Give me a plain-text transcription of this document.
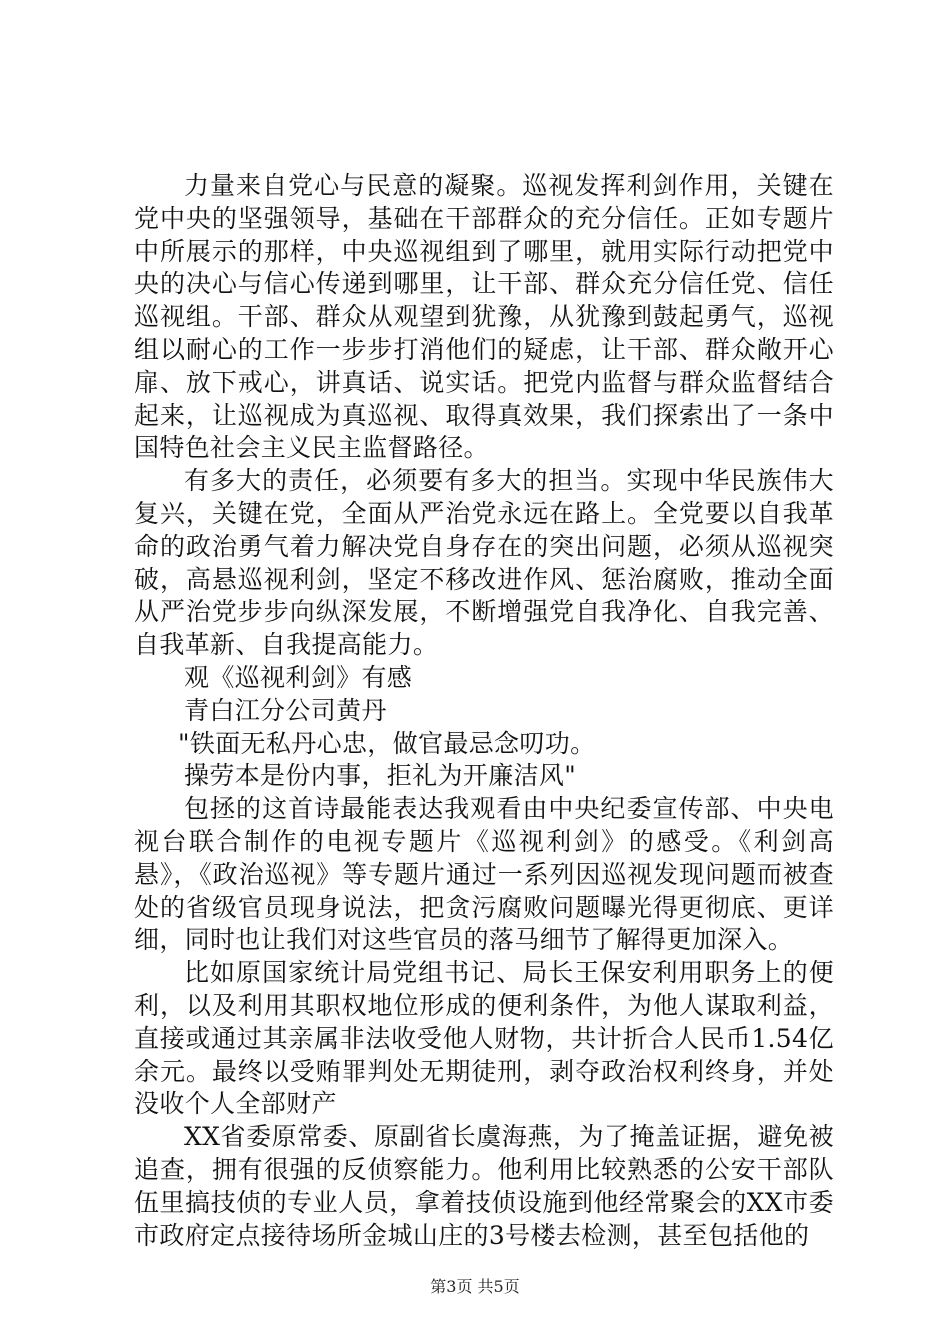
力量来自党心与民意的凝聚。巡视发挥利剑作用，关键在党中央的坚强领导，基础在干部群众的充分信任。正如专题片中所展示的那样，中央巡视组到了哪里，就用实际行动把党中央的决心与信心传递到哪里，让干部、群众充分信任党、信任巡视组。干部、群众从观望到犹豫，从犹豫到鼓起勇气，巡视组以耐心的工作一步步打消他们的疑虑，让干部、群众敞开心扉、放下戒心，讲真话、说实话。把党内监督与群众监督结合起来，让巡视成为真巡视、取得真效果，我们探索出了一条中国特色社会主义民主监督路径。

有多大的责任，必须要有多大的担当。实现中华民族伟大复兴，关键在党，全面从严治党永远在路上。全党要以自我革命的政治勇气着力解决党自身存在的突出问题，必须从巡视突破，高悬巡视利剑，坚定不移改进作风、惩治腐败，推动全面从严治党步步向纵深发展，不断增强党自我净化、自我完善、自我革新、自我提高能力。

观《巡视利剑》有感

青白江分公司黄丹

"铁面无私丹心忠，做官最忌念叨功。

操劳本是份内事，拒礼为开廉洁风"

包拯的这首诗最能表达我观看由中央纪委宣传部、中央电视台联合制作的电视专题片《巡视利剑》的感受。《利剑高悬》，《政治巡视》等专题片通过一系列因巡视发现问题而被查处的省级官员现身说法，把贪污腐败问题曝光得更彻底、更详细，同时也让我们对这些官员的落马细节了解得更加深入。

比如原国家统计局党组书记、局长王保安利用职务上的便利，以及利用其职权地位形成的便利条件，为他人谋取利益，直接或通过其亲属非法收受他人财物，共计折合人民币1.54亿余元。最终以受贿罪判处无期徒刑，剥夺政治权利终身，并处没收个人全部财产

XX省委原常委、原副省长虞海燕，为了掩盖证据，避免被追查，拥有很强的反侦察能力。他利用比较熟悉的公安干部队伍里搞技侦的专业人员，拿着技侦设施到他经常聚会的XX市委市政府定点接待场所金城山庄的3号楼去检测，甚至包括他的

第3页 共5页
